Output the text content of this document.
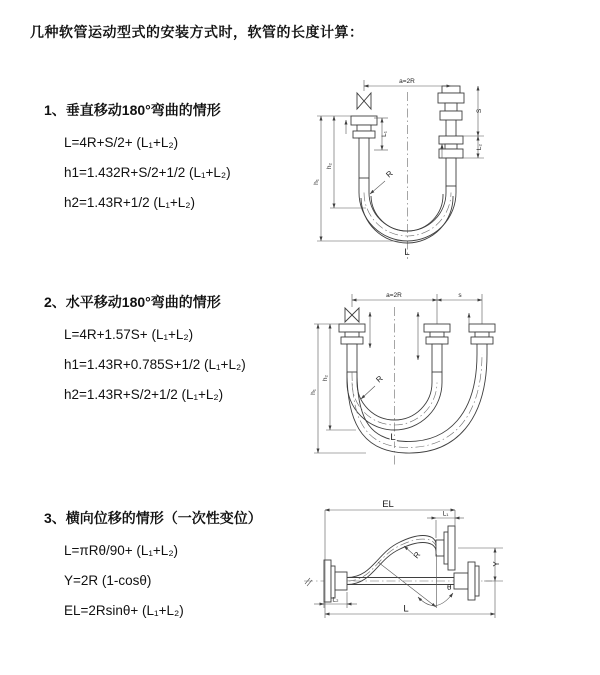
几种软管运动型式的安装方式时，软管的长度计算：
1、垂直移动180°弯曲的情形
L=4R+S/2+ (L₁+L₂)
h1=1.432R+S/2+1/2 (L₁+L₂)
h2=1.43R+1/2 (L₁+L₂)
a=2R
h₁
h₂
L₁
S
L₂
R
L
2、水平移动180°弯曲的情形
L=4R+1.57S+ (L₁+L₂)
h1=1.43R+0.785S+1/2 (L₁+L₂)
h2=1.43R+S/2+1/2 (L₁+L₂)
a=2R	s
h₁
h₂	R
L
3、横向位移的情形（一次性变位）
L=πRθ/90+ (L₁+L₂)
Y=2R (1-cosθ)
EL=2Rsinθ+ (L₁+L₂)
EL
L₁
Y
L₂
L
R
θ
